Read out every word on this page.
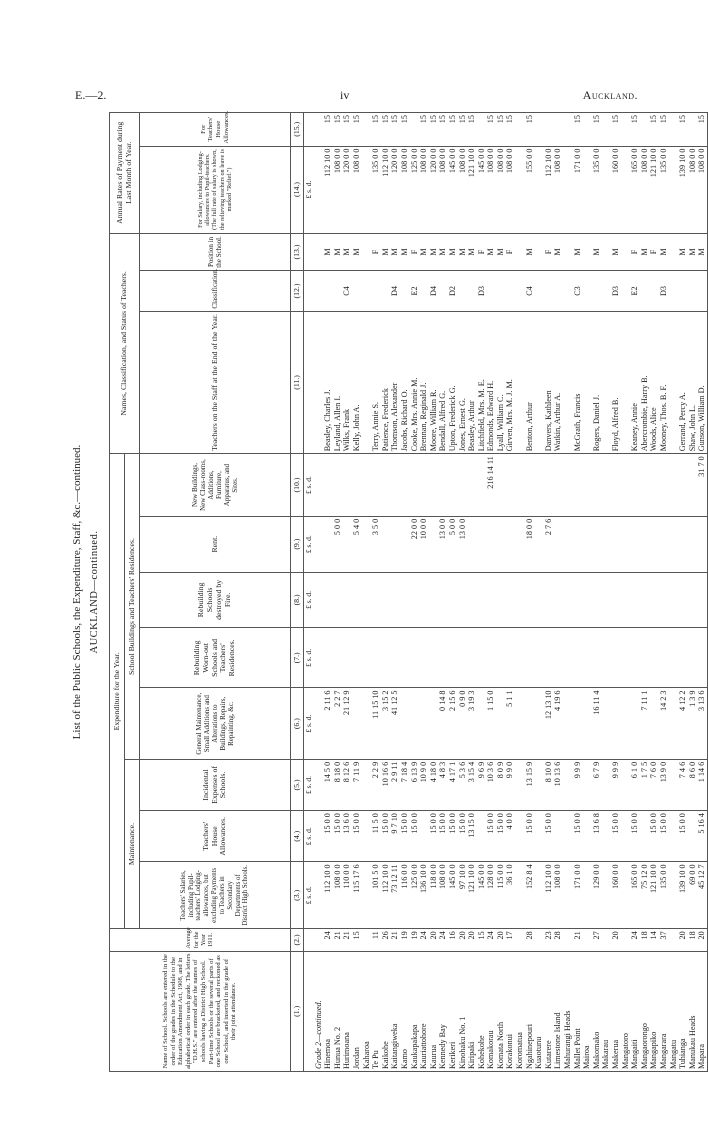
E.—2.	iv	Auckland.
List of the Public Schools, the Expenditure, Staff, &c.—continued. AUCKLAND—continued.
Name of School. Schools are entered in the order of the grades in the Schedule to the Education Amendment Act, 1908, and in alphabetical order in each grade. The letters "D.H.S." are entered after the names of schools having a District High School. Part-time Schools or the several parts of one School are bracketed, and reckoned as one School, and inserted in the grade of their joint attendance.	Average for the Year 1911.	Expenditure for the Year.								Names, Classification, and Status of Teachers.			Annual Rates of Payment during Last Month of Year.	
		Maintenance.			School Buildings and Teachers' Residences.									
		Teachers' Salaries, including Pupil-teachers' Lodging-allowances, but excluding Payments to Teachers in Secondary Departments of District High Schools.	Teachers' House Allowances.	Incidental Expenses of Schools.	General Maintenance, Small Additions and Alterations to Buildings, Repairs, Repainting, &c.	Rebuilding Worn-out Schools and Teachers' Residences.	Rebuilding Schools destroyed by Fire.	Rent.	New Buildings, New Class-rooms, Additions, Furniture, Apparatus, and Sites.	Teachers on the Staff at the End of the Year.	Classification.	Position in the School.	For Salary, including Lodging-allowances to Pupil-teachers. (The full rate of salary is shown, the relieving teachers on leave is marked "Relief.")	For Teachers' House Allowances.
(1.)	(2.)	(3.)	(4.)	(5.)	(6.)	(7.)	(8.)	(9.)	(10.)	(11.)	(12.)	(13.)	(14.)	(15.)
		£ s. d.	£ s. d.	£ s. d.	£ s. d.	£ s. d.	£ s. d.	£ s. d.	£ s. d.				£ s. d.	
Grade 2—continued.														
Hinemoa	24	112 10 0	15 0 0	14 5 0	2 11 6					Beasley, Charles J.		M	112 10 0	15
Hunua No. 2	21	108 0 0	15 0 0	8 18 0	2 2 7			5 0 0		Leyland, Allen I.		M	108 0 0	15
Hurimoana	21	110 0 0	13 6 0	8 12 6	21 12 9					Wilks, Frank	C4	M	120 0 0	15
Jordan	15	115 17 6	15 0 0	7 11 9				5 4 0		Kelly, John A.		M	108 0 0	15
Kaharoa														
Te Pu	11	101 5 0	11 5 0	2 2 9	11 15 10			3 5 0		Terry, Annie S.		F	135 0 0	15
Kaikohe	26	112 10 0	15 0 0	10 16 6	3 15 2					Patience, Frederick		M	112 10 0	15
Kaitangiweka	21	73 12 11	9 7 10	2 9 11	41 12 5					Thomson, Alexander	D4	M	120 0 0	15
Kamo	19	116 0 0	15 0 0	7 18 4						Jacobs, Richard O.		M	108 0 0	15
Kaukapakapa	19	125 0 0	15 0 0	6 13 9				22 0 0		Cooke, Mrs. Annie M.	E2	F	125 0 0	
Kauriattohore	24	136 10 0		10 9 0				10 0 0		Brennan, Reginald J.		M	108 0 0	15
Kaurua	20	118 0 0	15 0 0	4 18 0						Moore, William R.	D4	M	120 0 0	15
Kennedy Bay	24	108 0 0	15 0 0	4 8 3	0 14 8			13 0 0		Bendall, Alfred G.		M	108 0 0	15
Kerikeri	16	145 0 0	15 0 0	4 17 1	2 15 6			5 0 0		Upton, Frederick G.	D2	M	145 0 0	15
Kinohaku No. 1	20	97 10 0	15 0 0	5 3 6	0 9 0			13 0 0		Jones, Ernest G.		M	108 0 0	15
Kiripaki	20	121 10 0	13 15 0	3 15 4	3 19 3					Beasley, Arthur		M	121 10 0	15
Kohekohe	15	145 0 0		9 6 9						Litchfield, Mrs. M. E.	D3	F	145 0 0	
Komakorau	24	128 0 0	15 0 0	10 3 6	1 15 0				216 14 11	Edmonds, Edward H.		M	108 0 0	15
Komata North	20	115 0 0	15 0 0	8 0 9						Lyall, William C.		M	108 0 0	15
Korakonui	17	36 1 0	4 0 0	9 9 0	5 1 1					Girven, Mrs. M. J. M.		F	108 0 0	15
Koromatua														
Ngahinepouri	28	152 8 4	15 0 0	13 15 9				18 0 0		Benton, Arthur	C4	M	155 0 0	15
Kuaotunu														
Kutarere	23	112 10 0	15 0 0	8 10 0	12 13 10			2 7 6		Danvers, Kathleen		F	112 10 0	
Limestone Island	28	108 0 0		10 13 6	4 19 6					Watkin, Arthur A.		M	108 0 0	
Mahurangi Heads														
Mallet Point	21	171 0 0	15 0 0	9 9 9						McGrath, Francis	C3	M	171 0 0	15
Mairoa														
Makomako	27	129 0 0	13 6 8	6 7 9	16 11 4					Rogers, Daniel J.		M	135 0 0	15
Makarau														
Makerua	20	160 0 0	15 0 0	9 9 9						Floyd, Alfred B.	D3	M	160 0 0	15
Mangatoro														
Mangaiti	24	165 0 0	15 0 0	6 1 0						Keaney, Annie	E2	F	165 0 0	15
Mangaorongo	18	75 12 0		1 7 5	7 11 1					Abercrombie, Harry B.		M	108 0 0	
Mangapiko	14	121 10 0	15 0 0	7 6 0						Woods, Alice		F	121 10 0	15
Mangarara	37	135 0 0	15 0 0	13 9 0	14 2 3					Mooney, Thos. B. F.	D3	M	135 0 0	15
Mangatu														
Tuhianga	20	139 10 0	15 0 0	7 4 6	4 12 2					Gerrand, Percy A.		M	139 10 0	15
Manukau Heads	18	69 0 0		8 6 0	1 3 9					Shaw, John L.		M	108 0 0	
Mapara	20	45 12 7	5 16 4	1 14 6	3 13 6				31 7 0	Gunson, William D.		M	108 0 0	15
